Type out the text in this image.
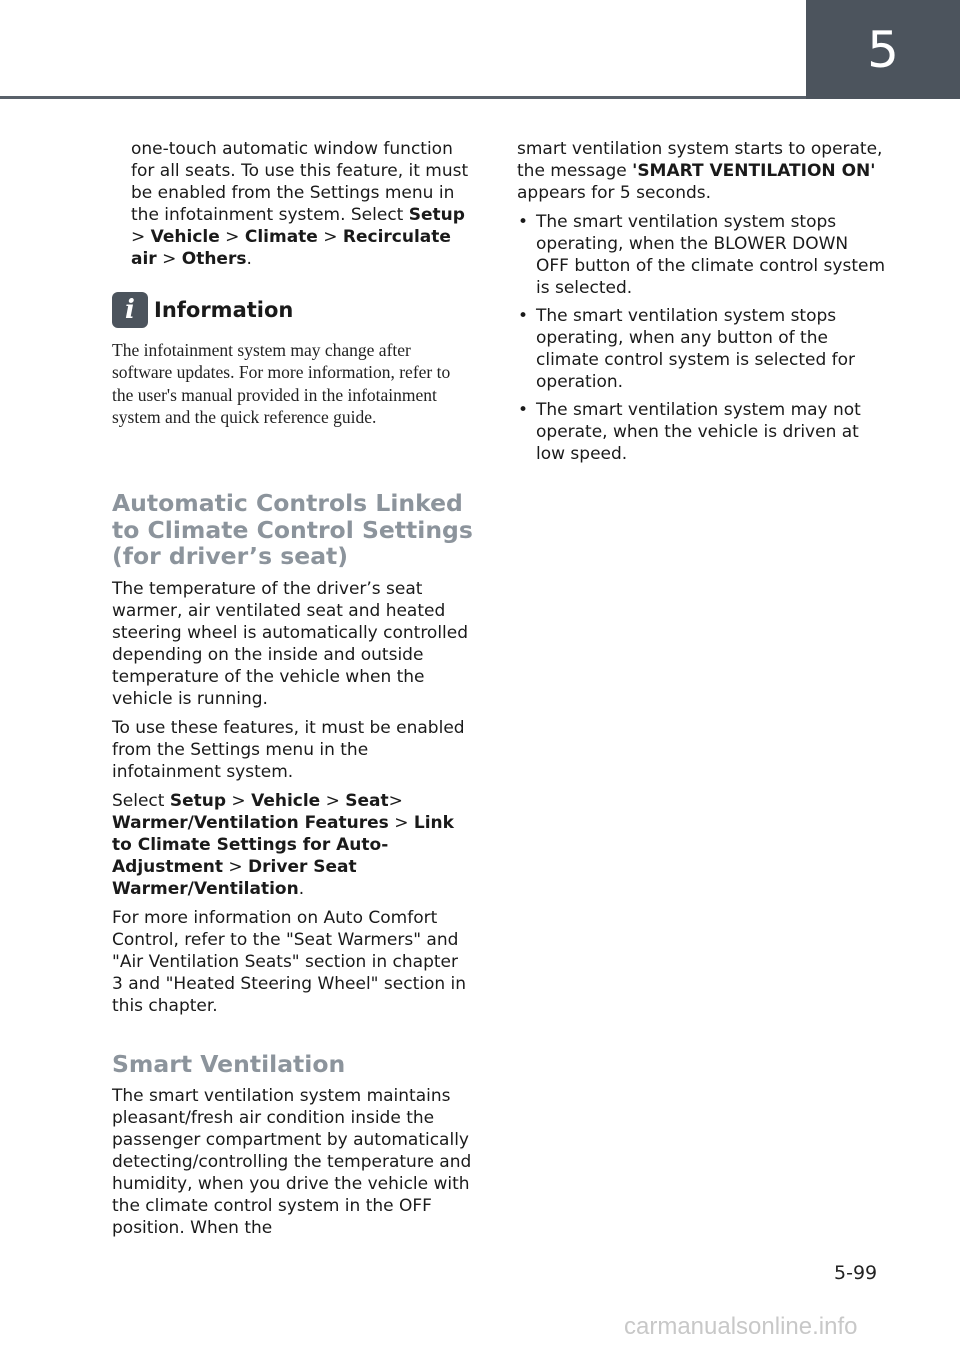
5

one-touch automatic window function for all seats. To use this feature, it must be enabled from the Settings menu in the infotainment system. Select Setup > Vehicle > Climate > Recirculate air > Others.

i Information

The infotainment system may change after software updates. For more information, refer to the user's manual provided in the infotainment system and the quick reference guide.

Automatic Controls Linked to Climate Control Settings (for driver’s seat)

The temperature of the driver’s seat warmer, air ventilated seat and heated steering wheel is automatically controlled depending on the inside and outside temperature of the vehicle when the vehicle is running.

To use these features, it must be enabled from the Settings menu in the infotainment system.

Select Setup > Vehicle > Seat> Warmer/Ventilation Features > Link to Climate Settings for Auto-Adjustment > Driver Seat Warmer/Ventilation.

For more information on Auto Comfort Control, refer to the "Seat Warmers" and "Air Ventilation Seats" section in chapter 3 and "Heated Steering Wheel" section in this chapter.

Smart Ventilation

The smart ventilation system maintains pleasant/fresh air condition inside the passenger compartment by automatically detecting/controlling the temperature and humidity, when you drive the vehicle with the climate control system in the OFF position. When the

smart ventilation system starts to operate, the message 'SMART VENTILATION ON' appears for 5 seconds.

• The smart ventilation system stops operating, when the BLOWER DOWN OFF button of the climate control system is selected.
• The smart ventilation system stops operating, when any button of the climate control system is selected for operation.
• The smart ventilation system may not operate, when the vehicle is driven at low speed.
5-99
carmanualsonline.info
